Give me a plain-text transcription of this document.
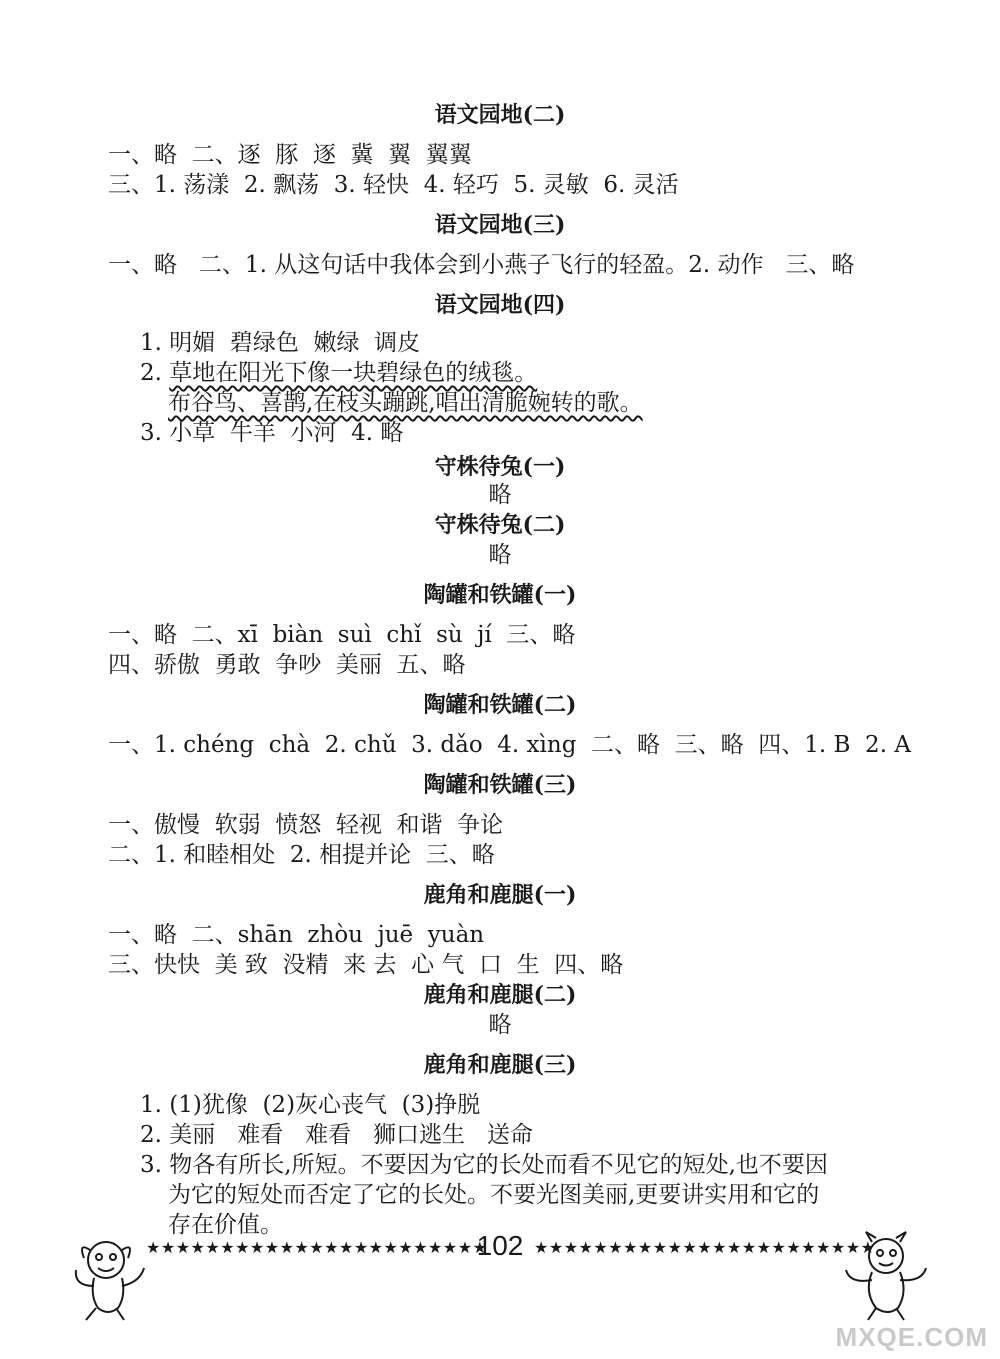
语文园地(二)
一、略  二、逐  豚  逐  冀  翼  翼翼
三、1. 荡漾  2. 飘荡  3. 轻快  4. 轻巧  5. 灵敏  6. 灵活
语文园地(三)
一、略   二、1. 从这句话中我体会到小燕子飞行的轻盈。2. 动作   三、略
语文园地(四)
1. 明媚  碧绿色  嫩绿  调皮
2. 草地在阳光下像一块碧绿色的绒毯。
布谷鸟、喜鹊,在枝头蹦跳,唱出清脆婉转的歌。
3. 小草  牛羊  小河  4. 略
守株待兔(一)
略
守株待兔(二)
略
陶罐和铁罐(一)
一、略  二、xī  biàn  suì  chǐ  sù  jí  三、略
四、骄傲  勇敢  争吵  美丽  五、略
陶罐和铁罐(二)
一、1. chéng  chà  2. chǔ  3. dǎo  4. xìng  二、略  三、略  四、1. B  2. A
陶罐和铁罐(三)
一、傲慢  软弱  愤怒  轻视  和谐  争论
二、1. 和睦相处  2. 相提并论  三、略
鹿角和鹿腿(一)
一、略  二、shān  zhòu  juē  yuàn
三、快快  美 致  没精  来 去  心 气  口  生  四、略
鹿角和鹿腿(二)
略
鹿角和鹿腿(三)
1. (1)犹像  (2)灰心丧气  (3)挣脱
2. 美丽   难看   难看   狮口逃生   送命
3. 物各有所长,所短。不要因为它的长处而看不见它的短处,也不要因
为它的短处而否定了它的长处。不要光图美丽,更要讲实用和它的
存在价值。
★★★★★★★★★★★★★★★★★★★★★★★
102 ★★★★★★★★★★★★★★★★★★★★★★★
MXQE.COM
